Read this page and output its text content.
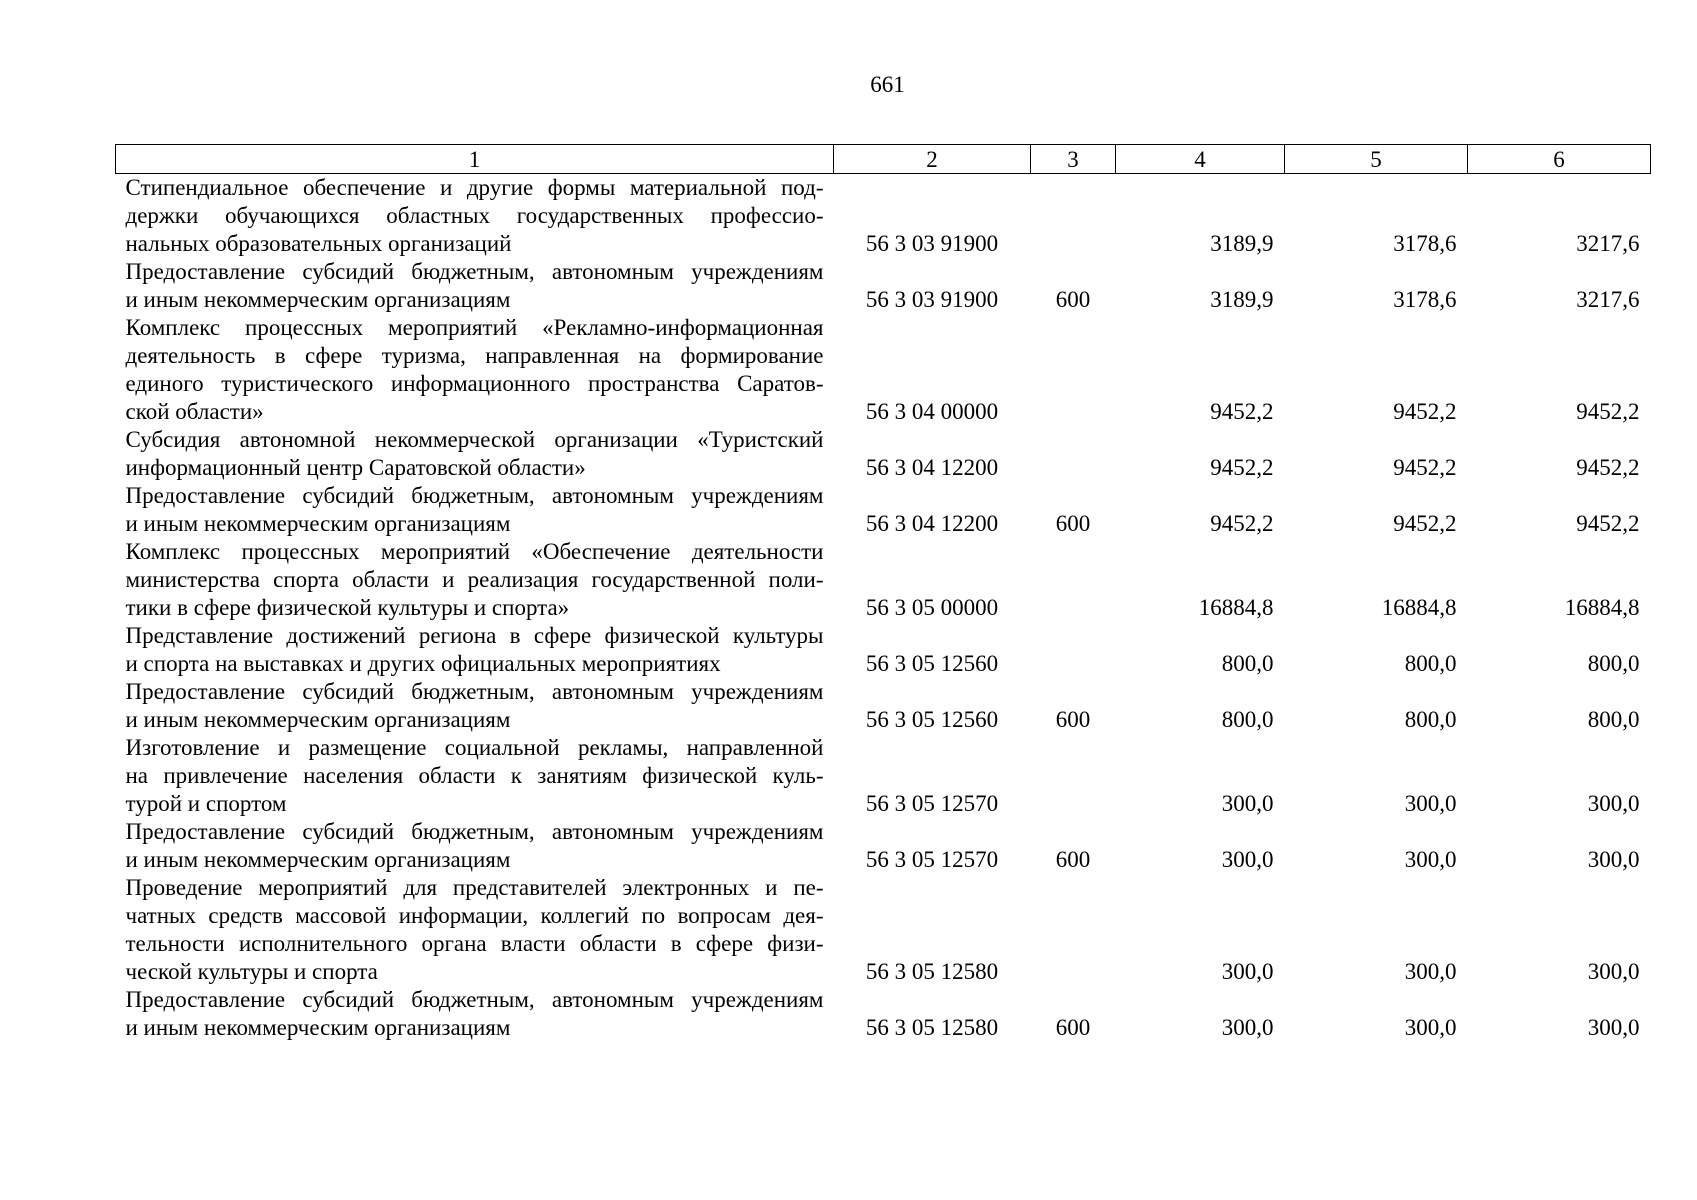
661
1	2	3	4	5	6

Стипендиальное обеспечение и другие формы материальной под-
держки обучающихся областных государственных профессио-
нальных образовательных организаций	56 3 03 91900		3189,9	3178,6	3217,6

Предоставление субсидий бюджетным, автономным учреждениям
и иным некоммерческим организациям	56 3 03 91900	600	3189,9	3178,6	3217,6

Комплекс процессных мероприятий «Рекламно-информационная
деятельность в сфере туризма, направленная на формирование
единого туристического информационного пространства Саратов-
ской области»	56 3 04 00000		9452,2	9452,2	9452,2

Субсидия автономной некоммерческой организации «Туристский
информационный центр Саратовской области»	56 3 04 12200		9452,2	9452,2	9452,2

Предоставление субсидий бюджетным, автономным учреждениям
и иным некоммерческим организациям	56 3 04 12200	600	9452,2	9452,2	9452,2

Комплекс процессных мероприятий «Обеспечение деятельности
министерства спорта области и реализация государственной поли-
тики в сфере физической культуры и спорта»	56 3 05 00000		16884,8	16884,8	16884,8

Представление достижений региона в сфере физической культуры
и спорта на выставках и других официальных мероприятиях	56 3 05 12560		800,0	800,0	800,0

Предоставление субсидий бюджетным, автономным учреждениям
и иным некоммерческим организациям	56 3 05 12560	600	800,0	800,0	800,0

Изготовление и размещение социальной рекламы, направленной
на привлечение населения области к занятиям физической куль-
турой и спортом	56 3 05 12570		300,0	300,0	300,0

Предоставление субсидий бюджетным, автономным учреждениям
и иным некоммерческим организациям	56 3 05 12570	600	300,0	300,0	300,0

Проведение мероприятий для представителей электронных и пе-
чатных средств массовой информации, коллегий по вопросам дея-
тельности исполнительного органа власти области в сфере физи-
ческой культуры и спорта	56 3 05 12580		300,0	300,0	300,0

Предоставление субсидий бюджетным, автономным учреждениям
и иным некоммерческим организациям	56 3 05 12580	600	300,0	300,0	300,0
